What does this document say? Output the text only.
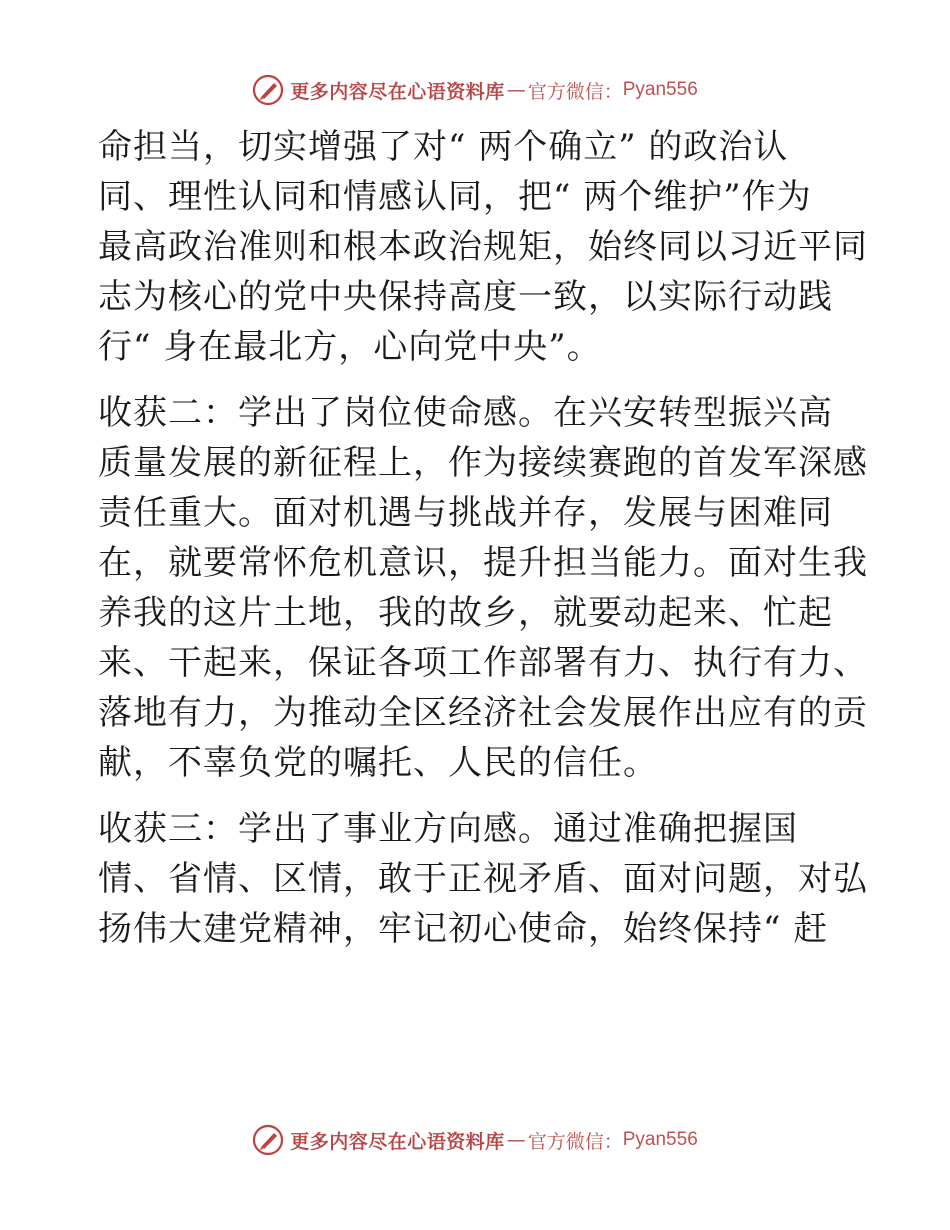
更多内容尽在心语资料库 — 官方微信： Pyan556
命担当，切实增强了对“ 两个确立” 的政治认
同、理性认同和情感认同，把“ 两个维护”作为
最高政治准则和根本政治规矩，始终同以习近平同
志为核心的党中央保持高度一致，以实际行动践
行“ 身在最北方，心向党中央”。
收获二：学出了岗位使命感。在兴安转型振兴高
质量发展的新征程上，作为接续赛跑的首发军深感
责任重大。面对机遇与挑战并存，发展与困难同
在，就要常怀危机意识，提升担当能力。面对生我
养我的这片土地，我的故乡，就要动起来、忙起
来、干起来，保证各项工作部署有力、执行有力、
落地有力，为推动全区经济社会发展作出应有的贡
献，不辜负党的嘱托、人民的信任。
收获三：学出了事业方向感。通过准确把握国
情、省情、区情，敢于正视矛盾、面对问题，对弘
扬伟大建党精神，牢记初心使命，始终保持“ 赶
更多内容尽在心语资料库 — 官方微信： Pyan556
